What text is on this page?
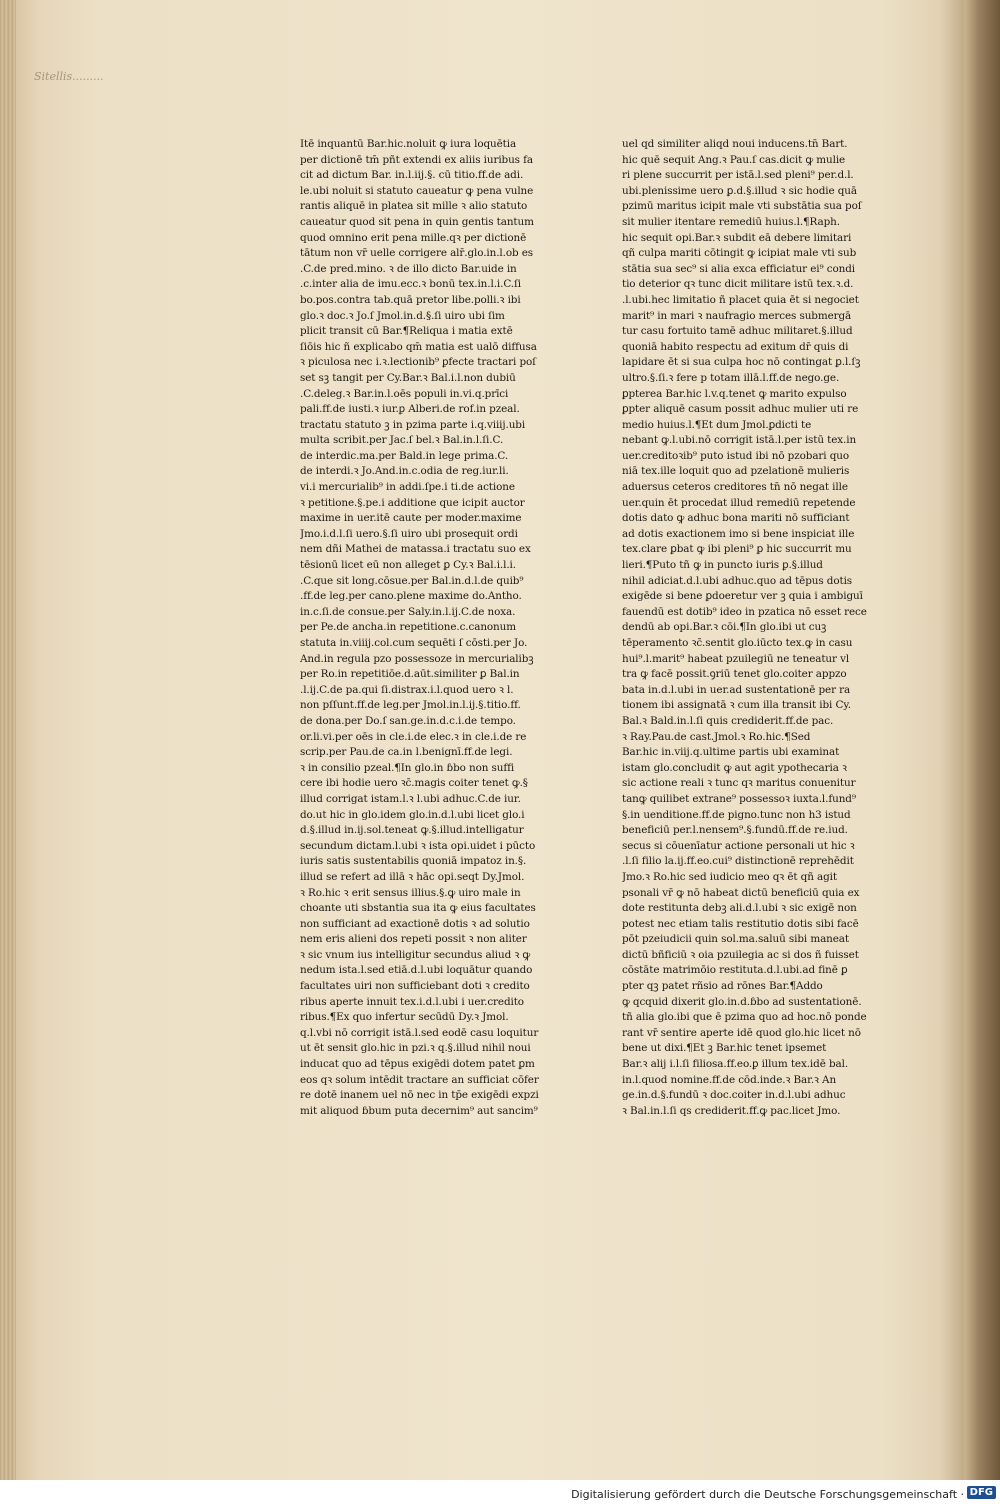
Sitellis.........
Itē inquantū Bar.hic.noluit ꝙ iura loquētia
per dictionē tm̄ pñt extendi ex aliis iuribus fa
cit ad dictum Bar. in.l.iij.§. cū titio.ff.de adi.
le.ubi noluit si statuto caueatur ꝙ pena vulne
rantis aliquē in platea sit mille ꝛ alio statuto
caueatur quod sit pena in quin gentis tantum
quod omnino erit pena mille.qꝛ per dictionē
tātum non vr̄ uelle corrigere alr̄.glo.in.l.ob es
.C.de pred.mino. ꝛ de illo dicto Bar.uide in
.c.inter alia de imu.ecc.ꝛ bonū tex.in.l.i.C.ſi
bo.pos.contra tab.quā pretor libe.polli.ꝛ ibi
glo.ꝛ doc.ꝛ Jo.ſ Jmol.in.d.§.ſi uiro ubi ſim
plicit transit cū Bar.¶Reliqua i matia extē
ſiōis hic ñ explicabo qm̄ matia est ualō diffusa
ꝛ piculosa nec i.ꝛ.lectionib⁹ ꝑfecte tractari poſ
set sꝫ tangit per Cy.Bar.ꝛ Bal.i.l.non dubiū
.C.deleg.ꝛ Bar.in.l.oēs populi in.vi.q.prīci
pali.ff.de iusti.ꝛ iur.ꝑ Alberi.de rof.in pzeal.
tractatu statuto ꝫ in pzima parte i.q.viiij.ubi
multa scribit.per Jac.ſ bel.ꝛ Bal.in.l.ſi.C.
de interdic.ma.per Bald.in lege prima.C.
de interdi.ꝛ Jo.And.in.c.odia de reg.iur.li.
vi.i mercurialib⁹ in addi.ſpe.i ti.de actione
ꝛ petitione.§.pe.i additione que icipit auctor
maxime in uer.itē caute per moder.maxime
Jmo.i.d.l.ſi uero.§.ſi uiro ubi prosequit ordi
nem dñi Mathei de matassa.i tractatu suo ex
tēsionū licet eū non alleget ꝑ Cy.ꝛ Bal.i.l.i.
.C.que sit long.cōsue.per Bal.in.d.l.de quib⁹
.ff.de leg.per cano.plene maxime do.Antho.
in.c.ſi.de consue.per Saly.in.l.ij.C.de noxa.
per Pe.de ancha.in repetitione.c.canonum
statuta in.viiij.col.cum sequēti ſ cōsti.per Jo.
And.in regula pzo possessoze in mercurialibꝫ
per Ro.in repetitiōe.d.aūt.similiter ꝑ Bal.in
.l.ij.C.de pa.qui ſi.distrax.i.l.quod uero ꝛ l.
non pſſunt.ff.de leg.per Jmol.in.l.ij.§.titio.ff.
de dona.per Do.ſ san.ge.in.d.c.i.de tempo.
or.li.vi.per oēs in cle.i.de elec.ꝛ in cle.i.de re
scrip.per Pau.de ca.in l.benignī.ff.de legi.
ꝛ in consilio pzeal.¶In glo.in ɓbo non suffi
cere ibi hodie uero ꝛc̄.magis coiter tenet ꝙ.§
illud corrigat istam.l.ꝛ l.ubi adhuc.C.de iur.
do.ut hic in glo.idem glo.in.d.l.ubi licet glo.i
d.§.illud in.ij.sol.teneat ꝙ.§.illud.intelligatur
secundum dictam.l.ubi ꝛ ista opi.uidet i pūcto
iuris satis sustentabilis quoniā impatoz in.§.
illud se refert ad illā ꝛ hāc opi.seqt Dy.Jmol.
ꝛ Ro.hic ꝛ erit sensus illius.§.ꝙ uiro male in
choante uti sbstantia sua ita ꝙ eius facultates
non sufficiant ad exactionē dotis ꝛ ad solutio
nem eris alieni dos repeti possit ꝛ non aliter
ꝛ sic vnum ius intelligitur secundus aliud ꝛ ꝙ
nedum ista.l.sed etiā.d.l.ubi loquātur quando
facultates uiri non sufficiebant doti ꝛ credito
ribus aperte innuit tex.i.d.l.ubi i uer.credito
ribus.¶Ex quo infertur secūdū Dy.ꝛ Jmol.
q.l.vbi nō corrigit istā.l.sed eodē casu loquitur
ut ēt sensit glo.hic in pzi.ꝛ q.§.illud nihil noui
inducat quo ad tēpus exigēdi dotem patet ꝑm
eos qꝛ solum intēdit tractare an sufficiat cōfer
re dotē inanem uel nō nec in tp̄e exigēdi expzi
mit aliquod ɓbum puta decernim⁹ aut sancim⁹
uel qd similiter aliqd noui inducens.tn̄ Bart.
hic quē sequit Ang.ꝛ Pau.ſ cas.dicit ꝙ mulie
ri plene succurrit per istā.l.sed pleni⁹ per.d.l.
ubi.plenissime uero ꝑ.d.§.illud ꝛ sic hodie quā
pzimū maritus icipit male vti substātia sua poſ
sit mulier itentare remediū huius.l.¶Raph.
hic sequit opi.Bar.ꝛ subdit eā debere limitari
qñ culpa mariti cōtingit ꝙ icipiat male vti sub
stātia sua sec⁹ si alia exca efficiatur ei⁹ condi
tio deterior qꝛ tunc dicit militare istū tex.ꝛ.d.
.l.ubi.hec limitatio ñ placet quia ēt si negociet
marit⁹ in mari ꝛ naufragio merces submergā
tur casu fortuito tamē adhuc militaret.§.illud
quoniā habito respectu ad exitum dr̄ quis di
lapidare ēt si sua culpa hoc nō contingat ꝑ.l.ſꝫ
ultro.§.ſi.ꝛ fere p totam illā.l.ff.de nego.ge.
ꝑpterea Bar.hic l.v.q.tenet ꝙ marito expulso
ꝑpter aliquē casum possit adhuc mulier uti re
medio huius.l.¶Et dum Jmol.ꝑdicti te
nebant ꝙ.l.ubi.nō corrigit istā.l.per istū tex.in
uer.creditoꝛib⁹ puto istud ibi nō pzobari quo
niā tex.ille loquit quo ad pzelationē mulieris
aduersus ceteros creditores tn̄ nō negat ille
uer.quin ēt procedat illud remediū repetende
dotis dato ꝙ adhuc bona mariti nō sufficiant
ad dotis exactionem imo si bene inspiciat ille
tex.clare ꝑbat ꝙ ibi pleni⁹ ꝑ hic succurrit mu
lieri.¶Puto tñ ꝙ in puncto iuris ꝑ.§.illud
nihil adiciat.d.l.ubi adhuc.quo ad tēpus dotis
exigēde si bene ꝑdoeretur ver ꝫ quia i ambiguī
fauendū est dotib⁹ ideo in pzatica nō esset rece
dendū ab opi.Bar.ꝛ cōi.¶In glo.ibi ut cuꝫ
tēperamento ꝛc̄.sentit glo.iūcto tex.ꝙ in casu
hui⁹.l.marit⁹ habeat pzuilegiū ne teneatur vl
tra ꝙ facē possit.ꝯriū tenet glo.coiter appzo
bata in.d.l.ubi in uer.ad sustentationē per ra
tionem ibi assignatā ꝛ cum illa transit ibi Cy.
Bal.ꝛ Bald.in.l.ſi quis crediderit.ff.de pac.
ꝛ Ray.Pau.de cast.Jmol.ꝛ Ro.hic.¶Sed
Bar.hic in.viij.q.ultime partis ubi examinat
istam glo.concludit ꝙ aut agit ypothecaria ꝛ
sic actione reali ꝛ tunc qꝛ maritus conuenitur
tanꝙ quilibet extrane⁹ possessoꝛ iuxta.l.fund⁹
§.in uenditione.ff.de pigno.tunc non h3 istud
beneficiū per.l.nensem⁹.§.fundū.ff.de re.iud.
secus si cōuenīatur actione personali ut hic ꝛ
.l.ſi filio la.ij.ff.eo.cui⁹ distinctionē reprehēdit
Jmo.ꝛ Ro.hic sed iudicio meo qꝛ ēt qñ agit
psonali vr̄ ꝙ nō habeat dictū beneficiū quia ex
dote restitunta debꝫ ali.d.l.ubi ꝛ sic exigē non
potest nec etiam talis restitutio dotis sibi facē
pōt pzeiudicii quin sol.ma.saluū sibi maneat
dictū bñficiū ꝛ oia pzuilegia ac si dos ñ fuisset
cōstāte matrimōio restituta.d.l.ubi.ad finē ꝑ
pter qꝫ patet rñsio ad rōnes Bar.¶Addo
ꝙ qcquid dixerit glo.in.d.ɓbo ad sustentationē.
tñ alia glo.ibi que ē pzima quo ad hoc.nō ponde
rant vr̄ sentire aperte idē quod glo.hic licet nō
bene ut dixi.¶Et ꝫ Bar.hic tenet ipsemet
Bar.ꝛ alij i.l.ſi filiosa.ff.eo.ꝑ illum tex.idē bal.
in.l.quod nomine.ff.de cōd.inde.ꝛ Bar.ꝛ An
ge.in.d.§.fundū ꝛ doc.coiter in.d.l.ubi adhuc
ꝛ Bal.in.l.ſi qs crediderit.ff.ꝙ pac.licet Jmo.
Digitalisierung gefördert durch die Deutsche Forschungsgemeinschaft · DFG
